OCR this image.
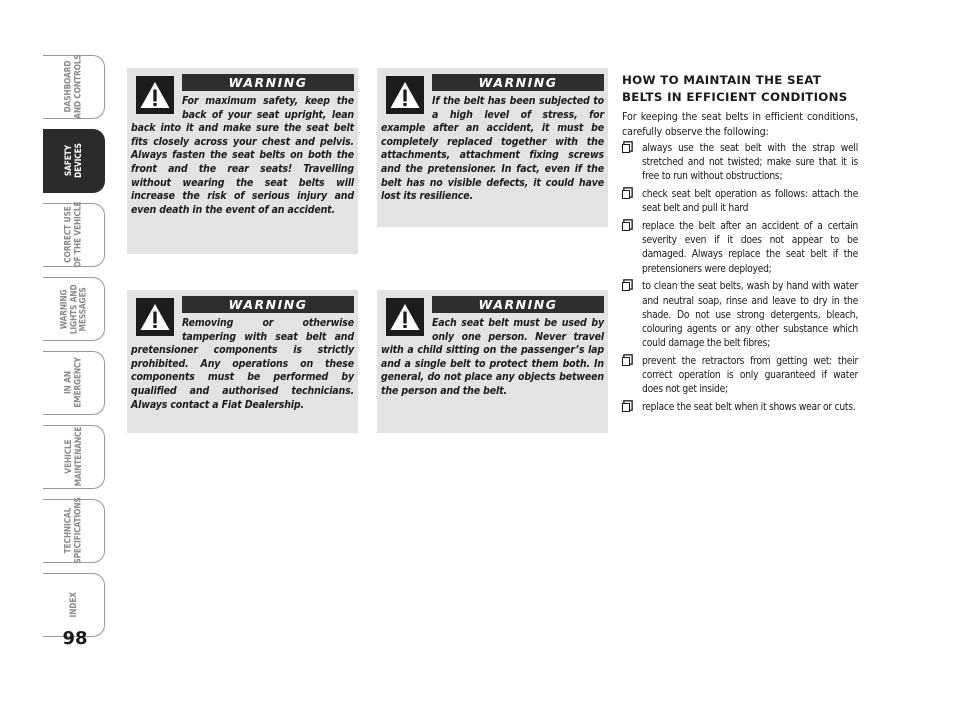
DASHBOARD
AND CONTROLS
SAFETY
DEVICES
CORRECT USE
OF THE VEHICLE
WARNING
LIGHTS AND
MESSAGES
IN AN
EMERGENCY
VEHICLE
MAINTENANCE
TECHNICAL
SPECIFICATIONS
INDEX
98
WARNING
For maximum safety, keep the back of your seat upright, lean back into it and make sure the seat belt fits closely across your chest and pelvis. Always fasten the seat belts on both the front and the rear seats! Travelling without wearing the seat belts will increase the risk of serious injury and even death in the event of an accident.
WARNING
If the belt has been subjected to a high level of stress, for example after an accident, it must be completely replaced together with the attachments, attachment fixing screws and the pretensioner. In fact, even if the belt has no visible defects, it could have lost its resilience.
WARNING
Removing or otherwise tampering with seat belt and pretensioner components is strictly prohibited. Any operations on these components must be performed by qualified and authorised technicians. Always contact a Fiat Dealership.
WARNING
Each seat belt must be used by only one person. Never travel with a child sitting on the passenger’s lap and a single belt to protect them both. In general, do not place any objects between the person and the belt.
HOW TO MAINTAIN THE SEAT BELTS IN EFFICIENT CONDITIONS

For keeping the seat belts in efficient conditions, carefully observe the following:

always use the seat belt with the strap well stretched and not twisted; make sure that it is free to run without obstructions;
check seat belt operation as follows: attach the seat belt and pull it hard
replace the belt after an accident of a certain severity even if it does not appear to be damaged. Always replace the seat belt if the pretensioners were deployed;
to clean the seat belts, wash by hand with water and neutral soap, rinse and leave to dry in the shade. Do not use strong detergents, bleach, colouring agents or any other substance which could damage the belt fibres;
prevent the retractors from getting wet: their correct operation is only guaranteed if water does not get inside;
replace the seat belt when it shows wear or cuts.
